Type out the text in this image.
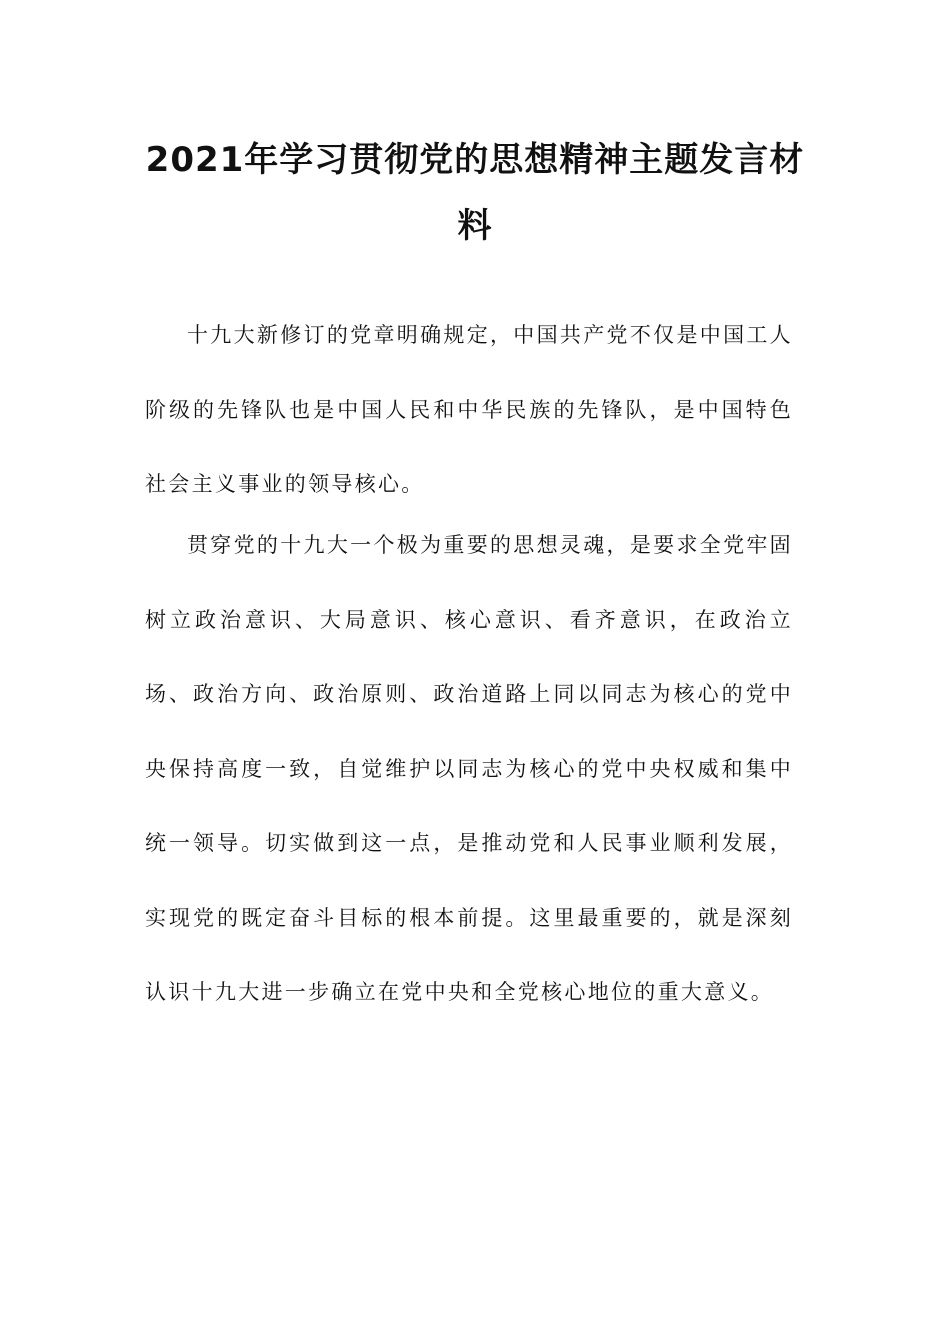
2021年学习贯彻党的思想精神主题发言材料

十九大新修订的党章明确规定，中国共产党不仅是中国工人阶级的先锋队也是中国人民和中华民族的先锋队，是中国特色社会主义事业的领导核心。

贯穿党的十九大一个极为重要的思想灵魂，是要求全党牢固树立政治意识、大局意识、核心意识、看齐意识，在政治立场、政治方向、政治原则、政治道路上同以同志为核心的党中央保持高度一致，自觉维护以同志为核心的党中央权威和集中统一领导。切实做到这一点，是推动党和人民事业顺利发展，实现党的既定奋斗目标的根本前提。这里最重要的，就是深刻认识十九大进一步确立在党中央和全党核心地位的重大意义。
